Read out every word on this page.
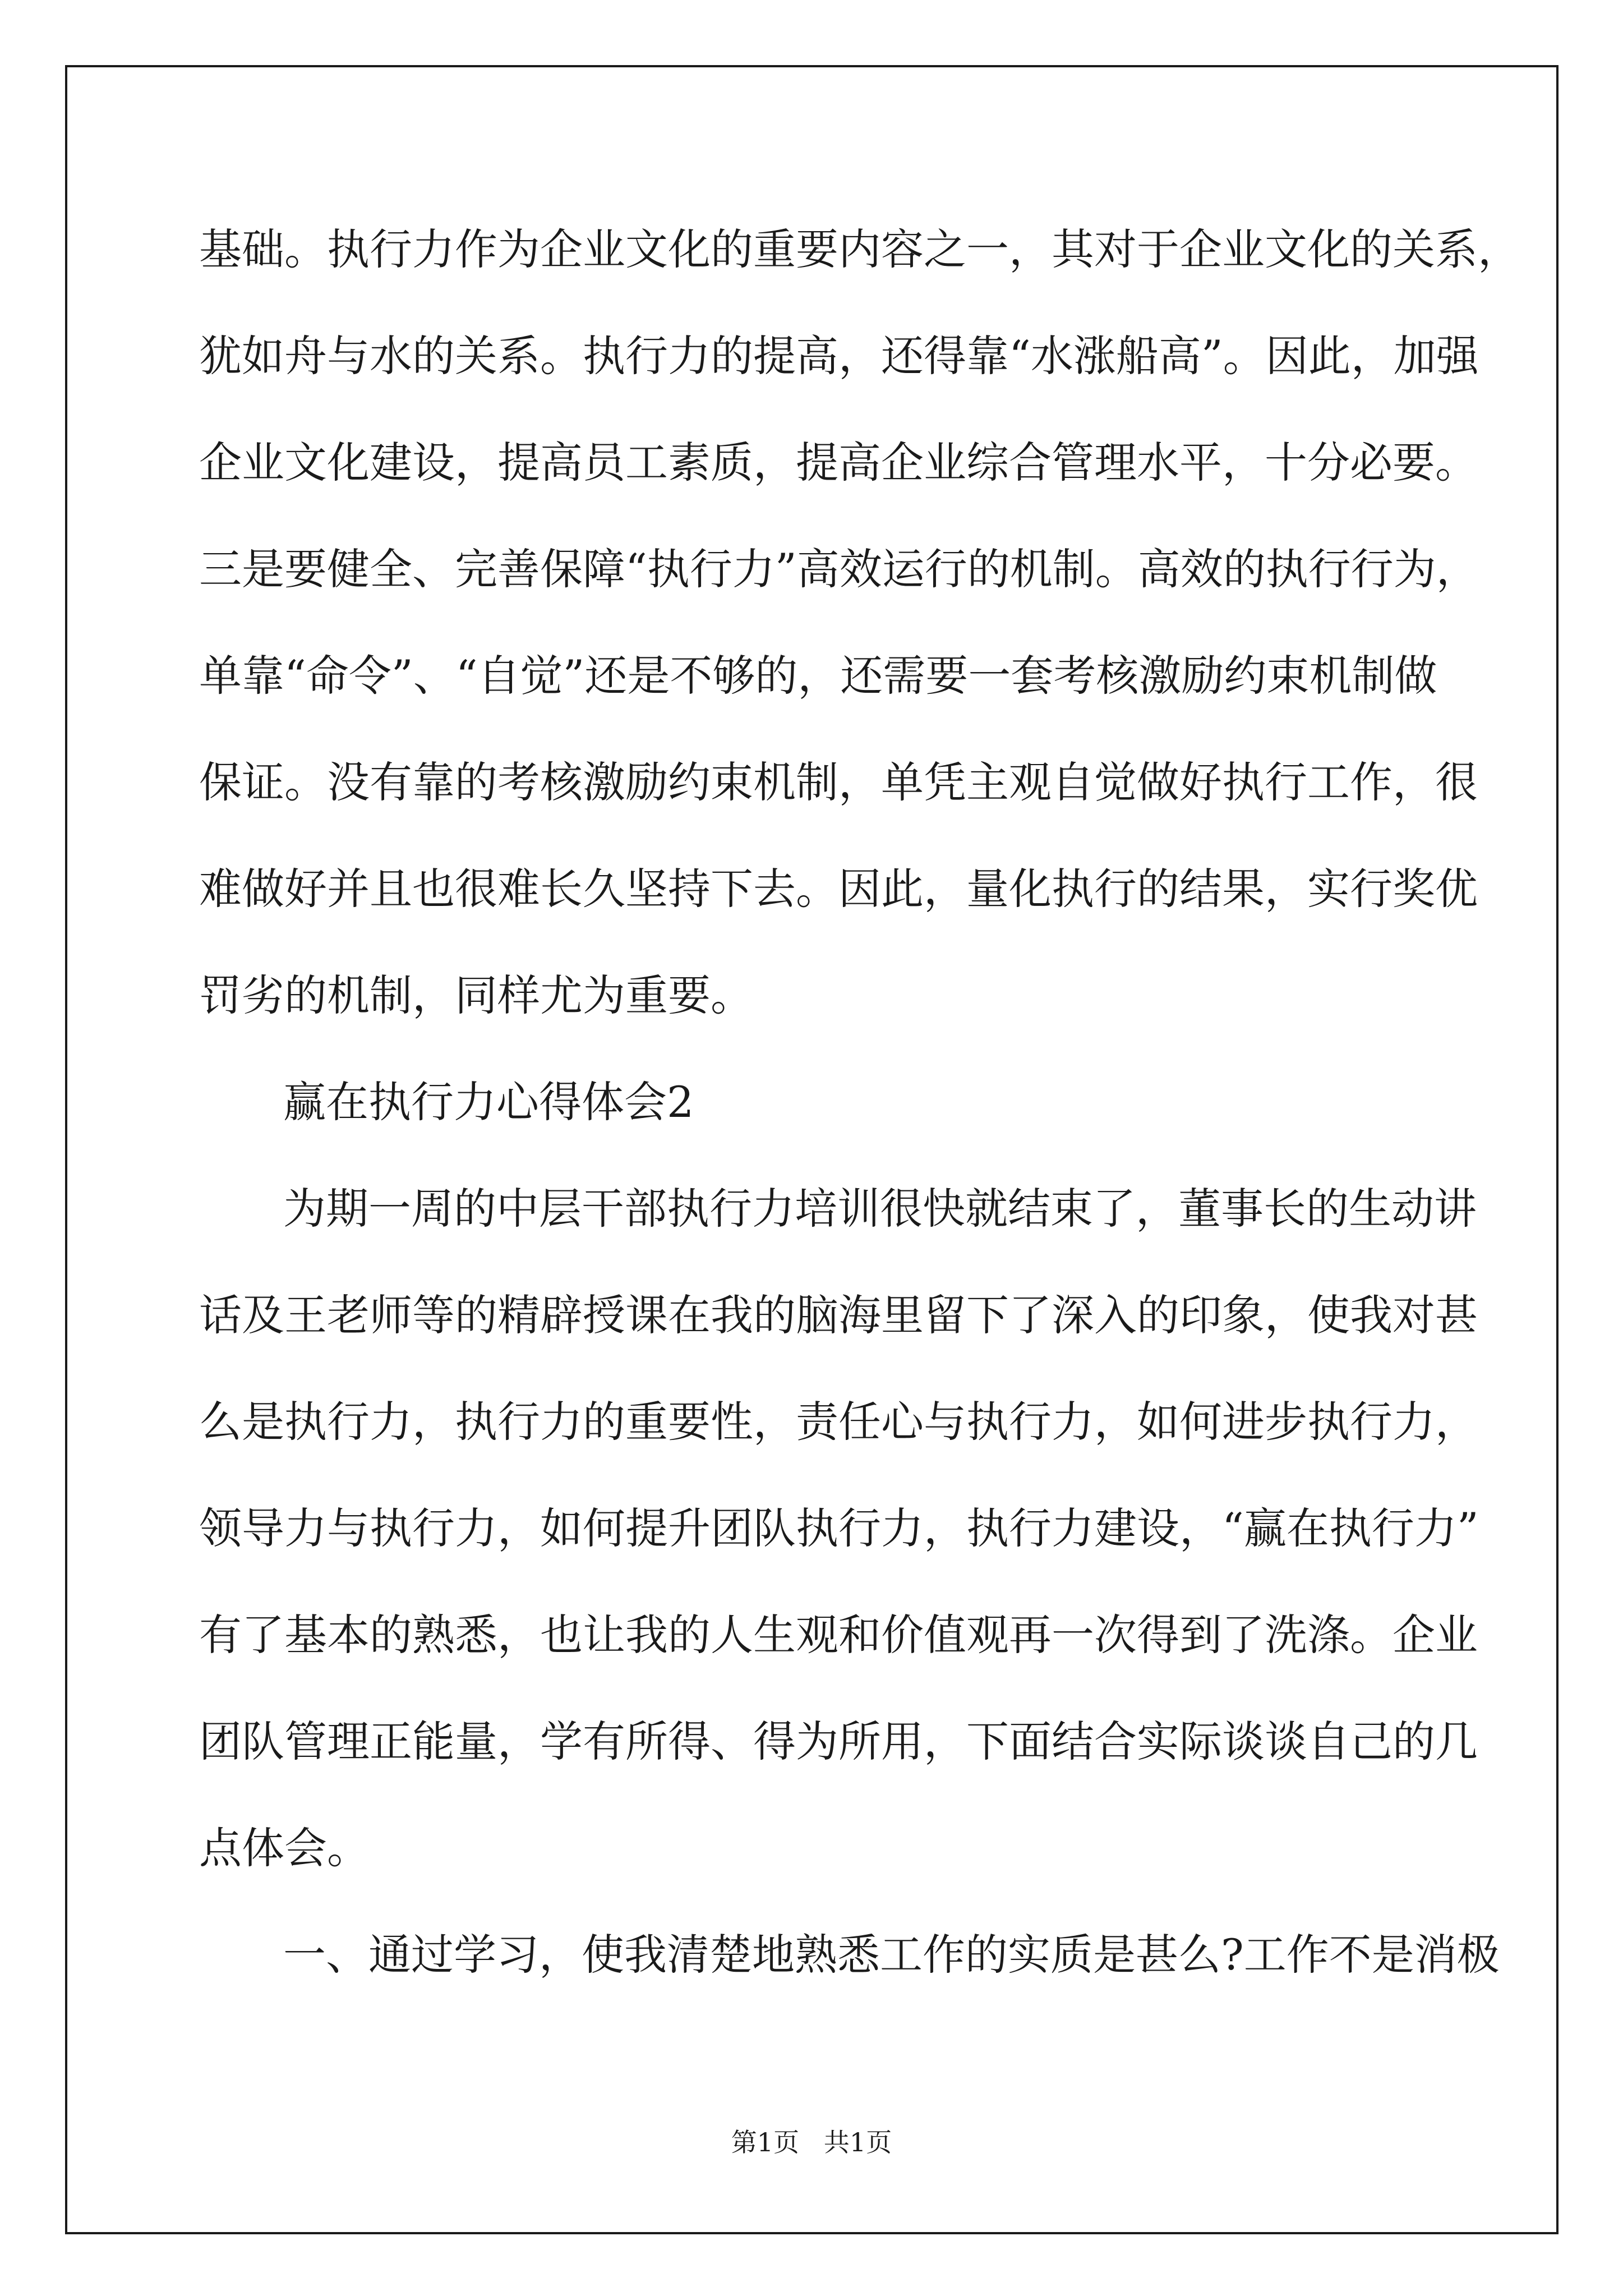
基础。执行力作为企业文化的重要内容之一，其对于企业文化的关系，
犹如舟与水的关系。执行力的提高，还得靠“水涨船高”。因此，加强
企业文化建设，提高员工素质，提高企业综合管理水平，十分必要。
三是要健全、完善保障“执行力”高效运行的机制。高效的执行行为，
单靠“命令”、“自觉”还是不够的，还需要一套考核激励约束机制做
保证。没有靠的考核激励约束机制，单凭主观自觉做好执行工作，很
难做好并且也很难长久坚持下去。因此，量化执行的结果，实行奖优
罚劣的机制，同样尤为重要。
赢在执行力心得体会2
为期一周的中层干部执行力培训很快就结束了，董事长的生动讲
话及王老师等的精辟授课在我的脑海里留下了深入的印象，使我对甚
么是执行力，执行力的重要性，责任心与执行力，如何进步执行力，
领导力与执行力，如何提升团队执行力，执行力建设，“赢在执行力”
有了基本的熟悉，也让我的人生观和价值观再一次得到了洗涤。企业
团队管理正能量，学有所得、得为所用，下面结合实际谈谈自己的几
点体会。
一、通过学习，使我清楚地熟悉工作的实质是甚么?工作不是消极
第1页   共1页
